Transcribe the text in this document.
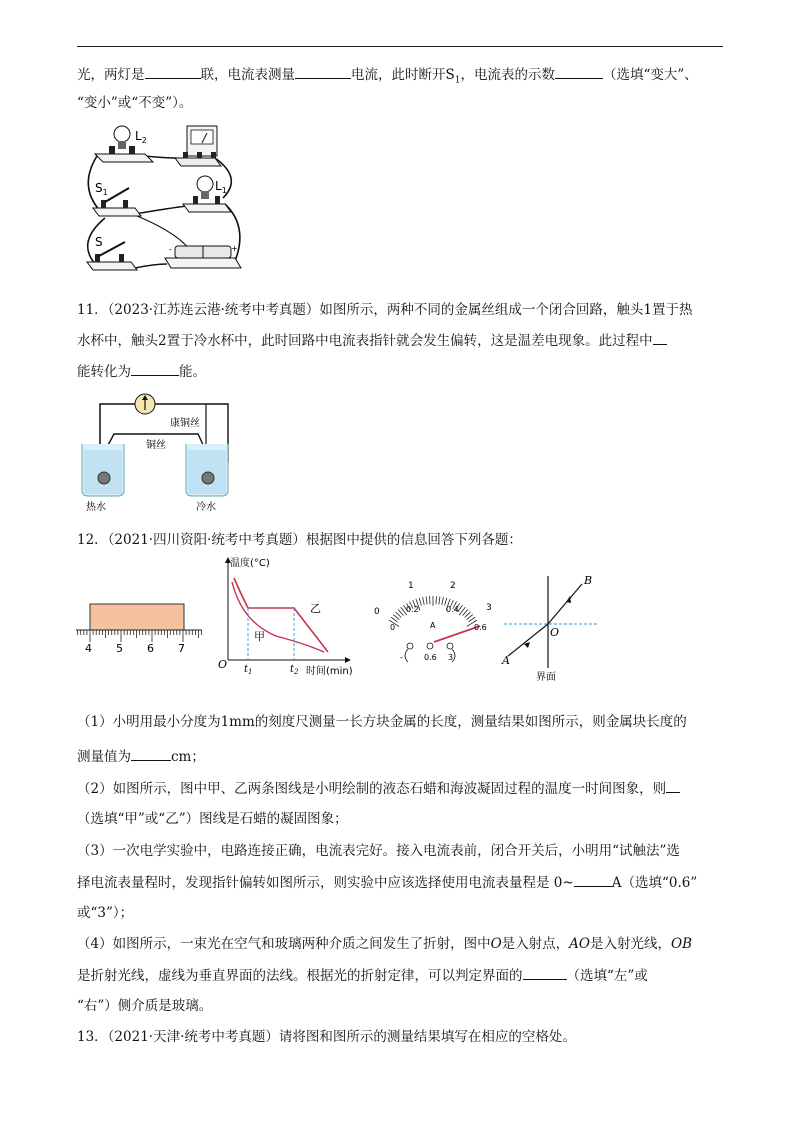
光，两灯是	联，电流表测量	电流，此时断开$S_1$，电流表的示数	（选填“变大”、
“变小”或“不变”）。
-	+
$L_2$
$S_1$	$L_1$
S
11．（2023·江苏连云港·统考中考真题）如图所示，两种不同的金属丝组成一个闭合回路，触头1置于热
水杯中，触头2置于冷水杯中，此时回路中电流表指针就会发生偏转，这是温差电现象。此过程中
能转化为	能。
康铜丝
铜丝
热水	冷水
12．（2021·四川资阳·统考中考真题）根据图中提供的信息回答下列各题：
4 5 6 7
温度(°C)
时间(min)
O $t_1$	$t_2$
甲
乙
1	2
0	3
0.2	0.4
0.6
0	A
-	0.6 3	A
B
O
界面
（1）小明用最小分度为1mm的刻度尺测量一长方块金属的长度，测量结果如图所示，则金属块长度的
测量值为	cm；
（2）如图所示，图中甲、乙两条图线是小明绘制的液态石蜡和海波凝固过程的温度一时间图象，则
（选填“甲”或“乙”）图线是石蜡的凝固图象；
（3）一次电学实验中，电路连接正确，电流表完好。接入电流表前，闭合开关后，小明用“试触法”选
择电流表量程时，发现指针偏转如图所示，则实验中应该选择使用电流表量程是 0~	A（选填“0.6”
或“3”）；
（4）如图所示，一束光在空气和玻璃两种介质之间发生了折射，图中O是入射点，AO是入射光线，OB
是折射光线，虚线为垂直界面的法线。根据光的折射定律，可以判定界面的	（选填“左”或
“右”）侧介质是玻璃。
13．（2021·天津·统考中考真题）请将图和图所示的测量结果填写在相应的空格处。
